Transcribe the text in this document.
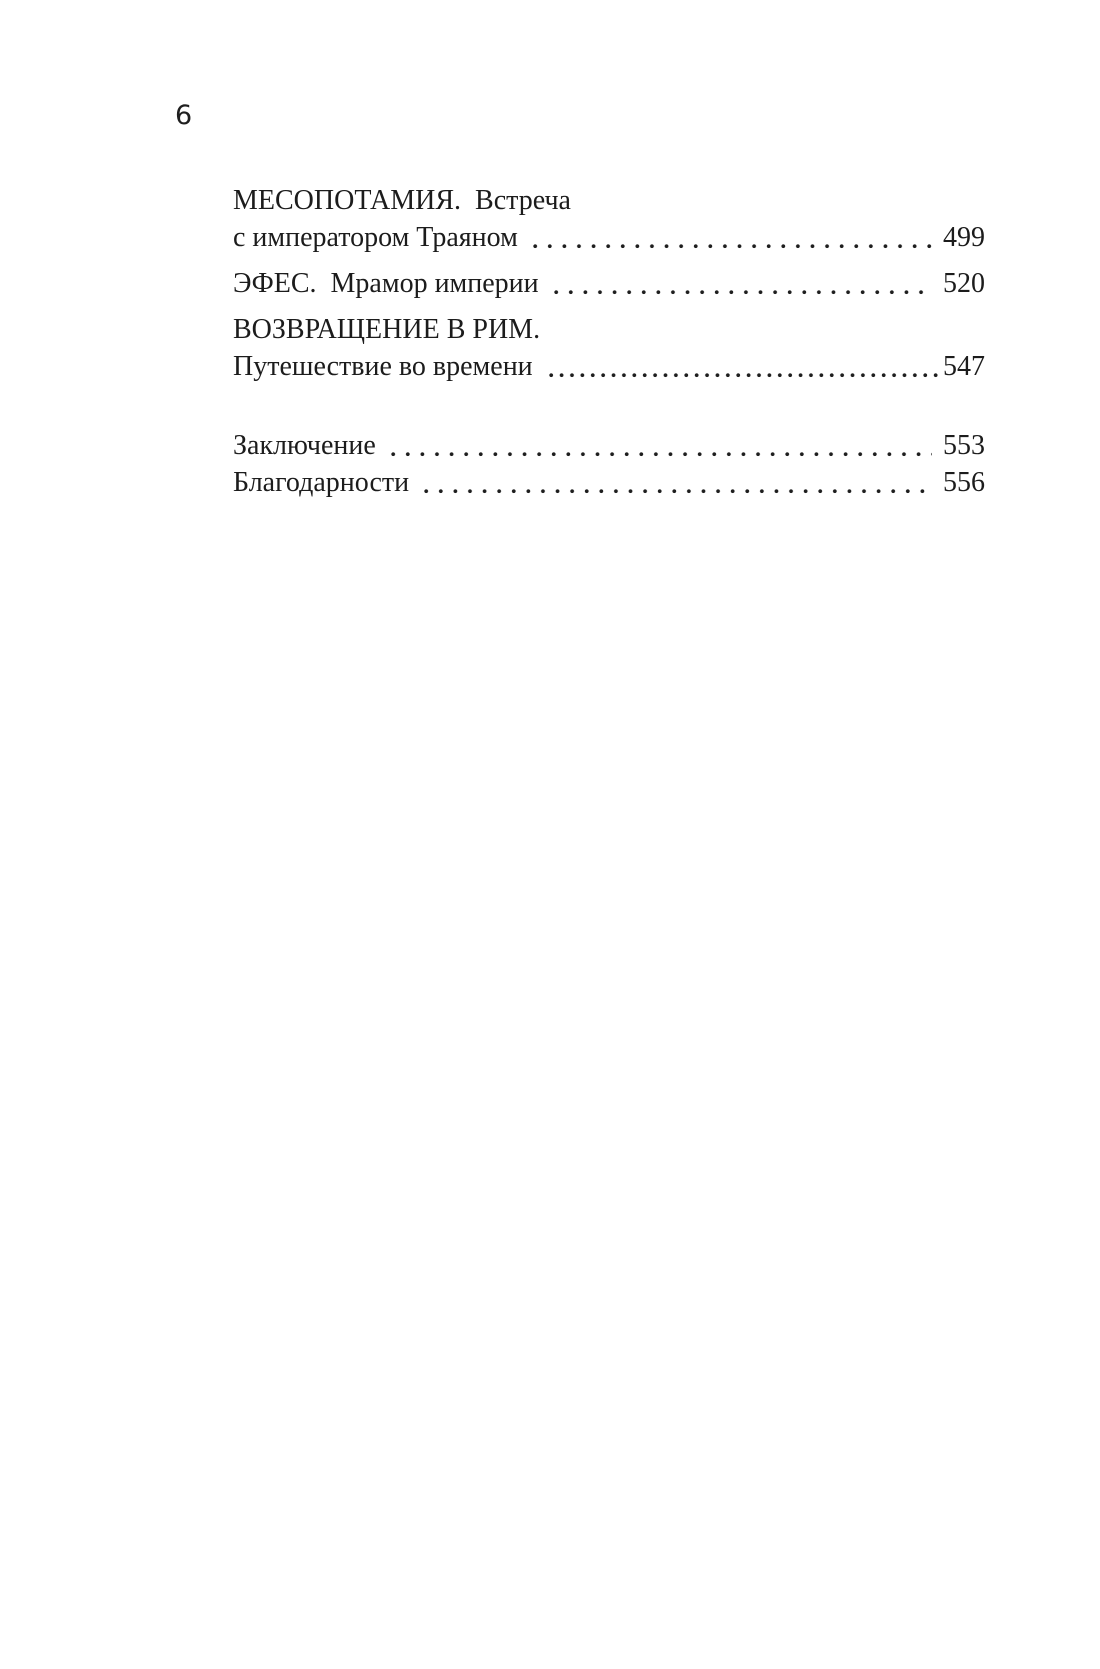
6
МЕСОПОТАМИЯ.  Встреча
с императором Траяном	499
ЭФЕС.  Мрамор империи	520
ВОЗВРАЩЕНИЕ В РИМ.
Путешествие во времени	547
Заключение	553
Благодарности	556
